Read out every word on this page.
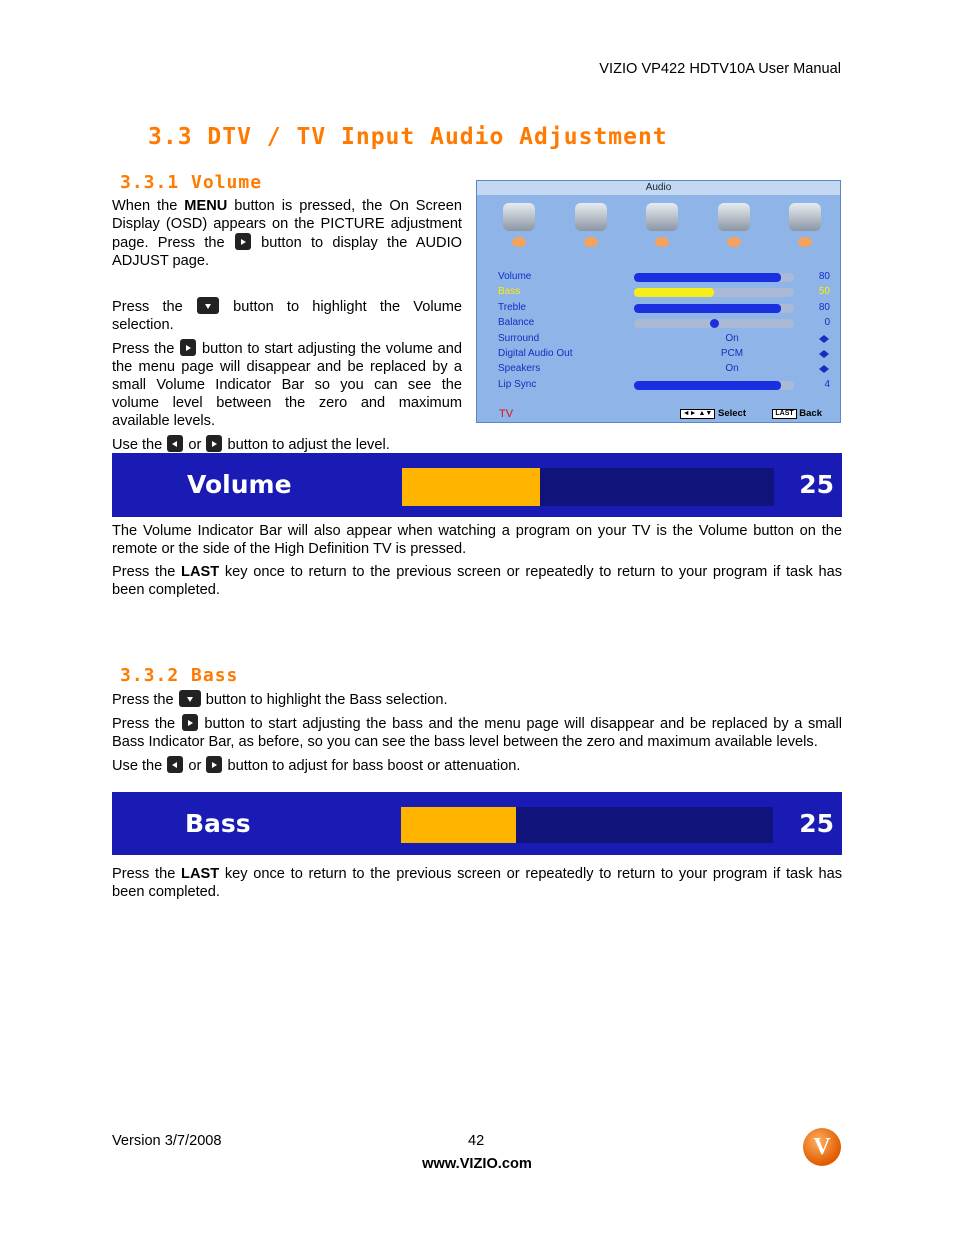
VIZIO VP422 HDTV10A User Manual
3.3 DTV / TV Input Audio Adjustment
3.3.1 Volume

When the MENU button is pressed, the On Screen Display (OSD) appears on the PICTURE adjustment page. Press the  button to display the AUDIO ADJUST page.

Press the  button to highlight the Volume selection.

Press the  button to start adjusting the volume and the menu page will disappear and be replaced by a small Volume Indicator Bar so you can see the volume level between the zero and maximum available levels.

Use the  or  button to adjust the level.

Audio
Volume	80
Bass	50
Treble	80
Balance	0
Surround	On
Digital Audio Out	PCM
Speakers	On
Lip Sync	4
TV	◄► ▲▼ Select	LAST Back
Volume	25

The Volume Indicator Bar will also appear when watching a program on your TV is the Volume button on the remote or the side of the High Definition TV is pressed.

Press the LAST key once to return to the previous screen or repeatedly to return to your program if task has been completed.

3.3.2 Bass

Press the  button to highlight the Bass selection.

Press the  button to start adjusting the bass and the menu page will disappear and be replaced by a small Bass Indicator Bar, as before, so you can see the bass level between the zero and maximum available levels.

Use the  or  button to adjust for bass boost or attenuation.

Bass	25

Press the LAST key once to return to the previous screen or repeatedly to return to your program if task has been completed.

Version 3/7/2008	42
www.VIZIO.com
V
